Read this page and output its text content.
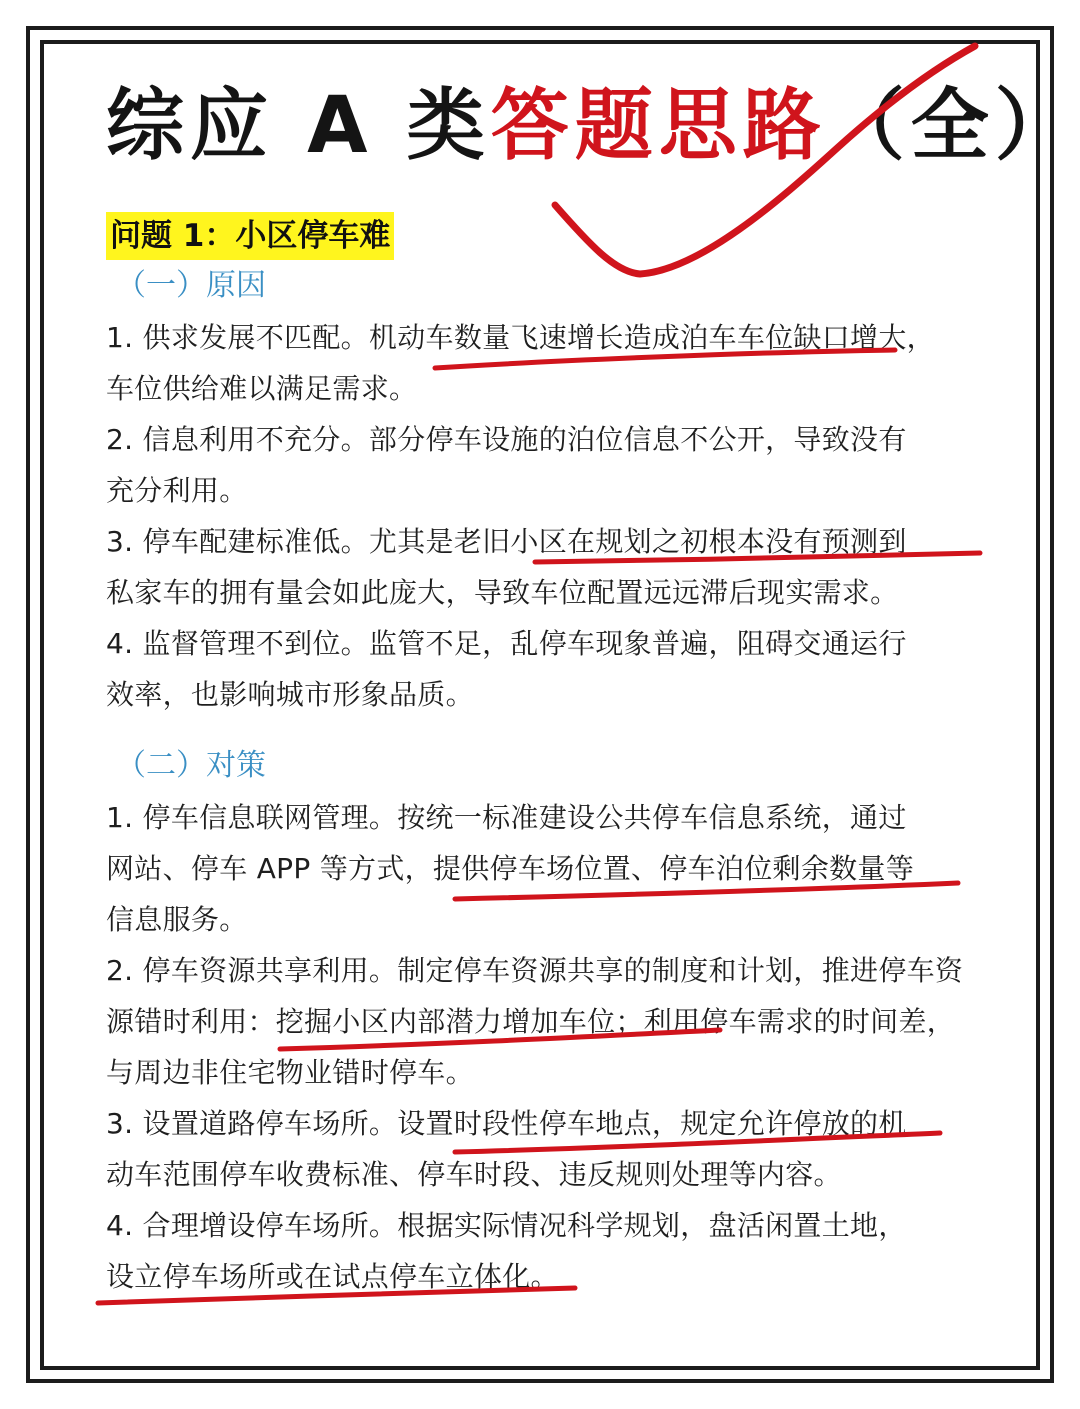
综应 A 类答题思路（全）
问题 1：小区停车难
（一）原因
1. 供求发展不匹配。机动车数量飞速增长造成泊车车位缺口增大，
车位供给难以满足需求。
2. 信息利用不充分。部分停车设施的泊位信息不公开，导致没有
充分利用。
3. 停车配建标准低。尤其是老旧小区在规划之初根本没有预测到
私家车的拥有量会如此庞大，导致车位配置远远滞后现实需求。
4. 监督管理不到位。监管不足，乱停车现象普遍，阻碍交通运行
效率，也影响城市形象品质。
（二）对策
1. 停车信息联网管理。按统一标准建设公共停车信息系统，通过
网站、停车 APP 等方式，提供停车场位置、停车泊位剩余数量等
信息服务。
2. 停车资源共享利用。制定停车资源共享的制度和计划，推进停车资
源错时利用：挖掘小区内部潜力增加车位；利用停车需求的时间差，
与周边非住宅物业错时停车。
3. 设置道路停车场所。设置时段性停车地点，规定允许停放的机
动车范围停车收费标准、停车时段、违反规则处理等内容。
4. 合理增设停车场所。根据实际情况科学规划，盘活闲置土地，
设立停车场所或在试点停车立体化。
